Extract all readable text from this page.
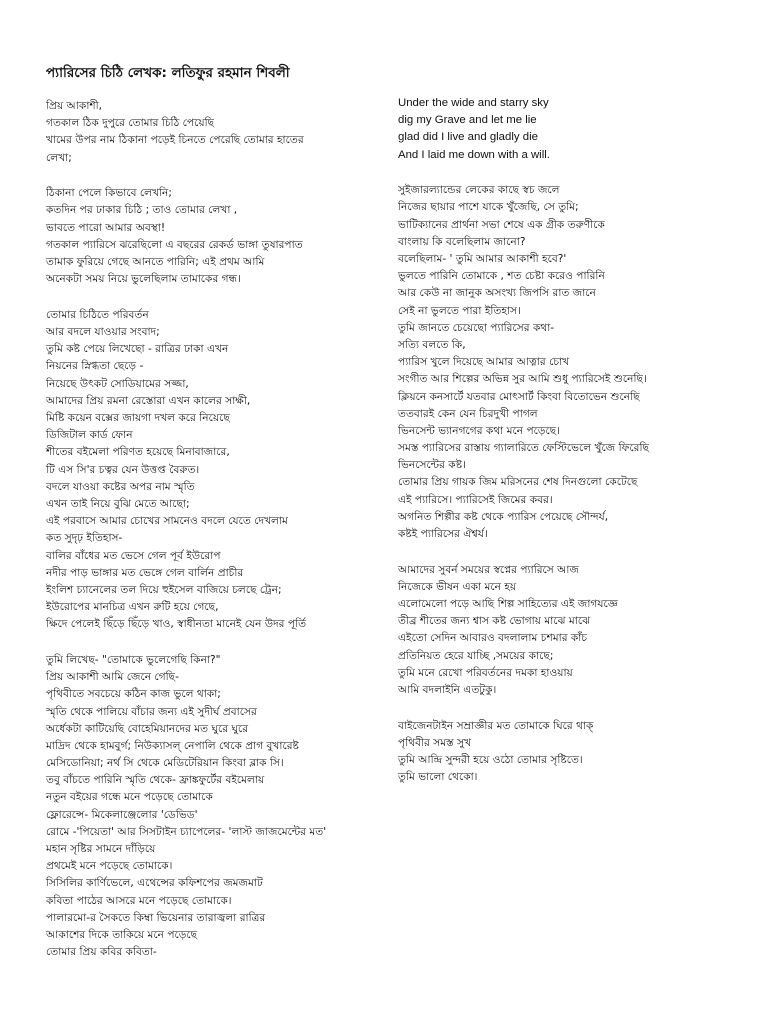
প্যারিসের চিঠি লেখক: লতিফুর রহমান শিবলী
প্রিয় আকাশী,
গতকাল ঠিক দুপুরে তোমার চিঠি পেয়েছি
খামের উপর নাম ঠিকানা পড়েই চিনতে পেরেছি তোমার হাতের
লেখা;
ঠিকানা পেলে কিভাবে লেখনি;
কতদিন পর ঢাকার চিঠি ; তাও তোমার লেখা ,
ভাবতে পারো আমার অবস্থা!
গতকাল প্যারিসে ঝরেছিলো এ বছরের রেকর্ড ভাঙ্গা তুষারপাত
তামাক ফুরিয়ে গেছে আনতে পারিনি; এই প্রথম আমি
অনেকটা সময় নিয়ে ভুলেছিলাম তামাকের গন্ধ।
তোমার চিঠিতে পরিবর্তন
আর বদলে যাওয়ার সংবাদ;
তুমি কষ্ট পেয়ে লিখেছো - রাত্রির ঢাকা এখন
নিয়নের স্নিগ্ধতা ছেড়ে -
নিয়েছে উৎকট সোডিয়ামের সজ্জা,
আমাদের প্রিয় রমনা রেস্তোরা এখন কালের সাক্ষী,
মিষ্টি কয়েন বক্সের জায়গা দখল করে নিয়েছে
ডিজিটাল কার্ড ফোন
শীতের বইমেলা পরিণত হয়েছে মিনাবাজারে,
টি এস সি'র চত্বর যেন উত্তপ্ত বৈরুত।
বদলে যাওয়া কষ্টের অপর নাম স্মৃতি
এখন তাই নিয়ে বুঝি মেতে আছো;
এই পরবাসে আমার চোখের সামনেও বদলে যেতে দেখলাম
কত সুদৃঢ় ইতিহাস-
বালির বাঁধের মত ভেসে গেল পূর্ব ইউরোপ
নদীর পাড় ভাঙ্গার মত ভেঙ্গে গেল বার্লিন প্রাচীর
ইংলিশ চ্যানেলের তল দিয়ে হুইসেল বাজিয়ে চলছে ট্রেন;
ইউরোপের মানচিত্র এখন রুটি হয়ে গেছে,
ক্ষিদে পেলেই ছিঁড়ে ছিঁড়ে খাও, স্বাধীনতা মানেই যেন উদর পূর্তি
তুমি লিখেছ- "তোমাকে ভুলেগেছি কিনা?"
প্রিয় আকাশী আমি জেনে গেছি-
পৃথিবীতে সবচেয়ে কঠিন কাজ ভুলে থাকা;
স্মৃতি থেকে পালিয়ে বাঁচার জন্য এই সুদীর্ঘ প্রবাসের
অর্ধেকটা কাটিয়েছি বোহেমিয়ানদের মত ঘুরে ঘুরে
মাদ্রিদ থেকে হামবুর্গ; নিউক্যাসল্‌ নেপালি থেকে প্রাগ বুখারেষ্ট
মেসিডোনিয়া; নর্থ সি থেকে মেডিটেরিয়ান কিংবা ব্লাক সি।
তবু বাঁচতে পারিনি স্মৃতি থেকে- ফ্রাঙ্কফুর্টের বইমেলায়
নতুন বইয়ের গন্ধে মনে পড়েছে তোমাকে
ফ্লোরেন্সে- মিকেলাঞ্জেলোর 'ডেভিড'
রোমে -'পিয়েতা' আর সিসটাইন চ্যাপেলের- 'লাস্ট জাজমেন্টের মত'
মহান সৃষ্টির সামনে দাঁড়িয়ে
প্রথমেই মনে পড়েছে তোমাকে।
সিসিলির কার্ণিভেলে, এথেন্সের কফিশপের জমজমাট
কবিতা পাঠের আসরে মনে পড়েছে তোমাকে।
পালারমো-র সৈকতে কিম্বা ভিয়েনার তারাজ্বলা রাত্রির
আকাশের দিকে তাকিয়ে মনে পড়েছে
তোমার প্রিয় কবির কবিতা-
Under the wide and starry sky
dig my Grave and let me lie
glad did I live and gladly die
And I laid me down with a will.
সুইজারল্যান্ডের লেকের কাছে স্বচ জলে
নিজের ছায়ার পাশে যাকে খুঁজেছি, সে তুমি;
ভাটিক্যানের প্রার্থনা সভা শেষে এক গ্রীক তরুণীকে
বাংলায় কি বলেছিলাম জানো?
বলেছিলাম- ' তুমি আমার আকাশী হবে?'
ভুলতে পারিনি তোমাকে , শত চেষ্টা করেও পারিনি
আর কেউ না জানুক অসংখ্য জিপসি রাত জানে
সেই না ভুলতে পারা ইতিহাস।
তুমি জানতে চেয়েছো প্যারিসের কথা-
সত্যি বলতে কি,
প্যারিস খুলে দিয়েছে আমার আত্নার চোখ
সংগীত আর শিল্পের অভিন্ন সুর আমি শুধু প্যারিসেই শুনেছি।
ক্লিয়নে কনসার্টে যতবার মোৎসার্ট কিংবা বিতোভেন শুনেছি
ততবারই কেন যেন চিরদুখী পাগল
ভিনসেন্ট ভ্যানগগের কথা মনে পড়েছে।
সমস্ত প্যারিসের রাস্তায় গ্যালারিতে ফেস্টিভেলে খুঁজে ফিরেছি
ভিনসেন্টের কষ্ট।
তোমার প্রিয় গায়ক জিম মরিসনের শেষ দিনগুলো কেটেছে
এই প্যারিসে। প্যারিসেই জিমের কবর।
অগনিত শিল্পীর কষ্ট থেকে প্যারিস পেয়েছে সৌন্দর্য,
কষ্টই প্যারিসের ঐশ্বর্য।
আমাদের সুবর্ন সময়ের স্বপ্নের প্যারিসে আজ
নিজেকে ভীষন একা মনে হয়
এলোমেলো পড়ে আছি শিল্প সাহিত্যের এই জাগযজ্ঞে
তীব্র শীতের জন্য শ্বাস কষ্ট ভোগায় মাঝে মাঝে
এইতো সেদিন আবারও বদলালাম চশমার কাঁচ
প্রতিনিয়ত হেরে যাচ্ছি ,সময়ের কাছে;
তুমি মনে রেখো পরিবর্তনের দমকা হাওয়ায়
আমি বদলাইনি এতটুকু।
বাইজেনটাইন সম্রাজ্ঞীর মত তোমাকে ঘিরে থাক্‌
পৃথিবীর সমস্ত সুখ
তুমি আন্দ্রি সুন্দরী হয়ে ওঠো তোমার সৃষ্টিতে।
তুমি ভালো থেকো।
